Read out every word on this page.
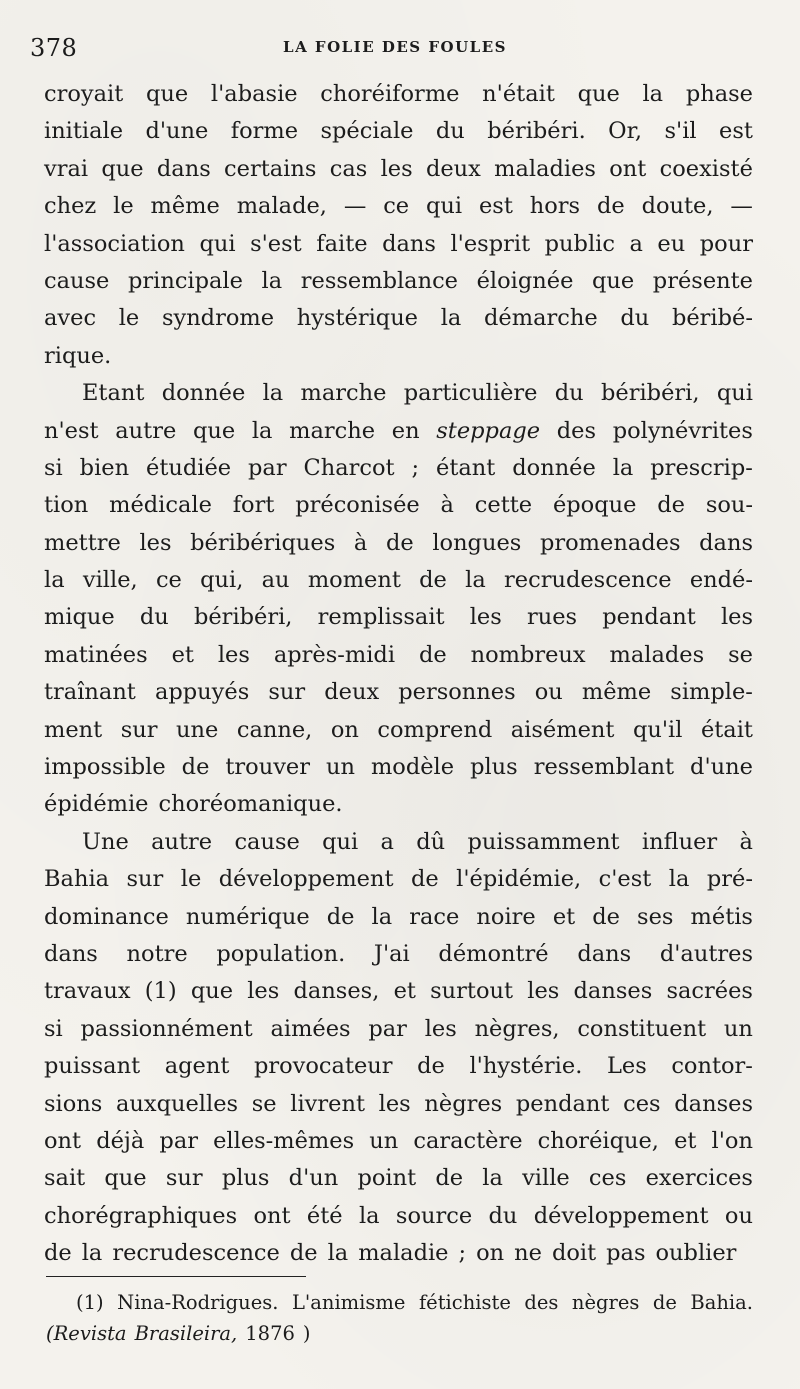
378	LA FOLIE DES FOULES
croyait que l'abasie choréiforme n'était que la phase
initiale d'une forme spéciale du béribéri. Or, s'il est
vrai que dans certains cas les deux maladies ont coexisté
chez le même malade, — ce qui est hors de doute, —
l'association qui s'est faite dans l'esprit public a eu pour
cause principale la ressemblance éloignée que présente
avec le syndrome hystérique la démarche du béribé-
rique.
Etant donnée la marche particulière du béribéri, qui
n'est autre que la marche en steppage des polynévrites
si bien étudiée par Charcot ; étant donnée la prescrip-
tion médicale fort préconisée à cette époque de sou-
mettre les béribériques à de longues promenades dans
la ville, ce qui, au moment de la recrudescence endé-
mique du béribéri, remplissait les rues pendant les
matinées et les après-midi de nombreux malades se
traînant appuyés sur deux personnes ou même simple-
ment sur une canne, on comprend aisément qu'il était
impossible de trouver un modèle plus ressemblant d'une
épidémie choréomanique.
Une autre cause qui a dû puissamment influer à
Bahia sur le développement de l'épidémie, c'est la pré-
dominance numérique de la race noire et de ses métis
dans notre population. J'ai démontré dans d'autres
travaux (1) que les danses, et surtout les danses sacrées
si passionnément aimées par les nègres, constituent un
puissant agent provocateur de l'hystérie. Les contor-
sions auxquelles se livrent les nègres pendant ces danses
ont déjà par elles-mêmes un caractère choréique, et l'on
sait que sur plus d'un point de la ville ces exercices
chorégraphiques ont été la source du développement ou
de la recrudescence de la maladie ; on ne doit pas oublier
(1) Nina-Rodrigues. L'animisme fétichiste des nègres de Bahia.
(Revista Brasileira, 1876 )
